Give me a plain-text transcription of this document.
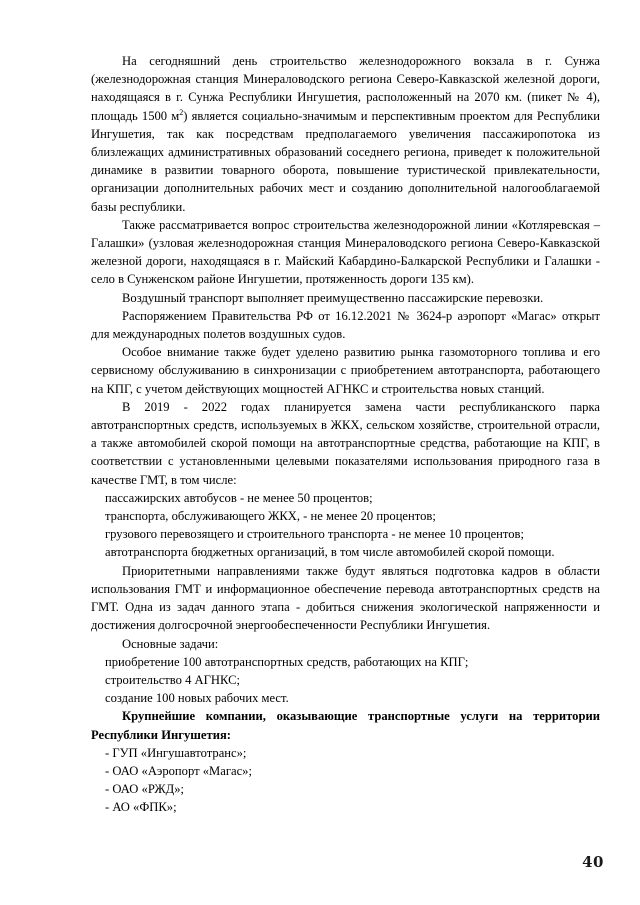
На сегодняшний день строительство железнодорожного вокзала в г. Сунжа (железнодорожная станция Минераловодского региона Северо-Кавказской железной дороги, находящаяся в г. Сунжа Республики Ингушетия, расположенный на 2070 км. (пикет № 4), площадь 1500 $м^2$) является социально-значимым и перспективным проектом для Республики Ингушетия, так как посредствам предполагаемого увеличения пассажиропотока из близлежащих административных образований соседнего региона, приведет к положительной динамике в развитии товарного оборота, повышение туристической привлекательности, организации дополнительных рабочих мест и созданию дополнительной налогооблагаемой базы республики.

Также рассматривается вопрос строительства железнодорожной линии «Котляревская – Галашки» (узловая железнодорожная станция Минераловодского региона Северо-Кавказской железной дороги, находящаяся в г. Майский Кабардино-Балкарской Республики и Галашки - село в Сунженском районе Ингушетии, протяженность дороги 135 км).

Воздушный транспорт выполняет преимущественно пассажирские перевозки.

Распоряжением Правительства РФ от 16.12.2021 № 3624-р аэропорт «Магас» открыт для международных полетов воздушных судов.

Особое внимание также будет уделено развитию рынка газомоторного топлива и его сервисному обслуживанию в синхронизации с приобретением автотранспорта, работающего на КПГ, с учетом действующих мощностей АГНКС и строительства новых станций.

В 2019 - 2022 годах планируется замена части республиканского парка автотранспортных средств, используемых в ЖКХ, сельском хозяйстве, строительной отрасли, а также автомобилей скорой помощи на автотранспортные средства, работающие на КПГ, в соответствии с установленными целевыми показателями использования природного газа в качестве ГМТ, в том числе:

пассажирских автобусов - не менее 50 процентов;

транспорта, обслуживающего ЖКХ, - не менее 20 процентов;

грузового перевозящего и строительного транспорта - не менее 10 процентов;

автотранспорта бюджетных организаций, в том числе автомобилей скорой помощи.

Приоритетными направлениями также будут являться подготовка кадров в области использования ГМТ и информационное обеспечение перевода автотранспортных средств на ГМТ. Одна из задач данного этапа - добиться снижения экологической напряженности и достижения долгосрочной энергообеспеченности Республики Ингушетия.

Основные задачи:

приобретение 100 автотранспортных средств, работающих на КПГ;

строительство 4 АГНКС;

создание 100 новых рабочих мест.

Крупнейшие компании, оказывающие транспортные услуги на территории Республики Ингушетия:

- ГУП «Ингушавтотранс»;

- ОАО «Аэропорт «Магас»;

- ОАО «РЖД»;

- АО «ФПК»;

40
